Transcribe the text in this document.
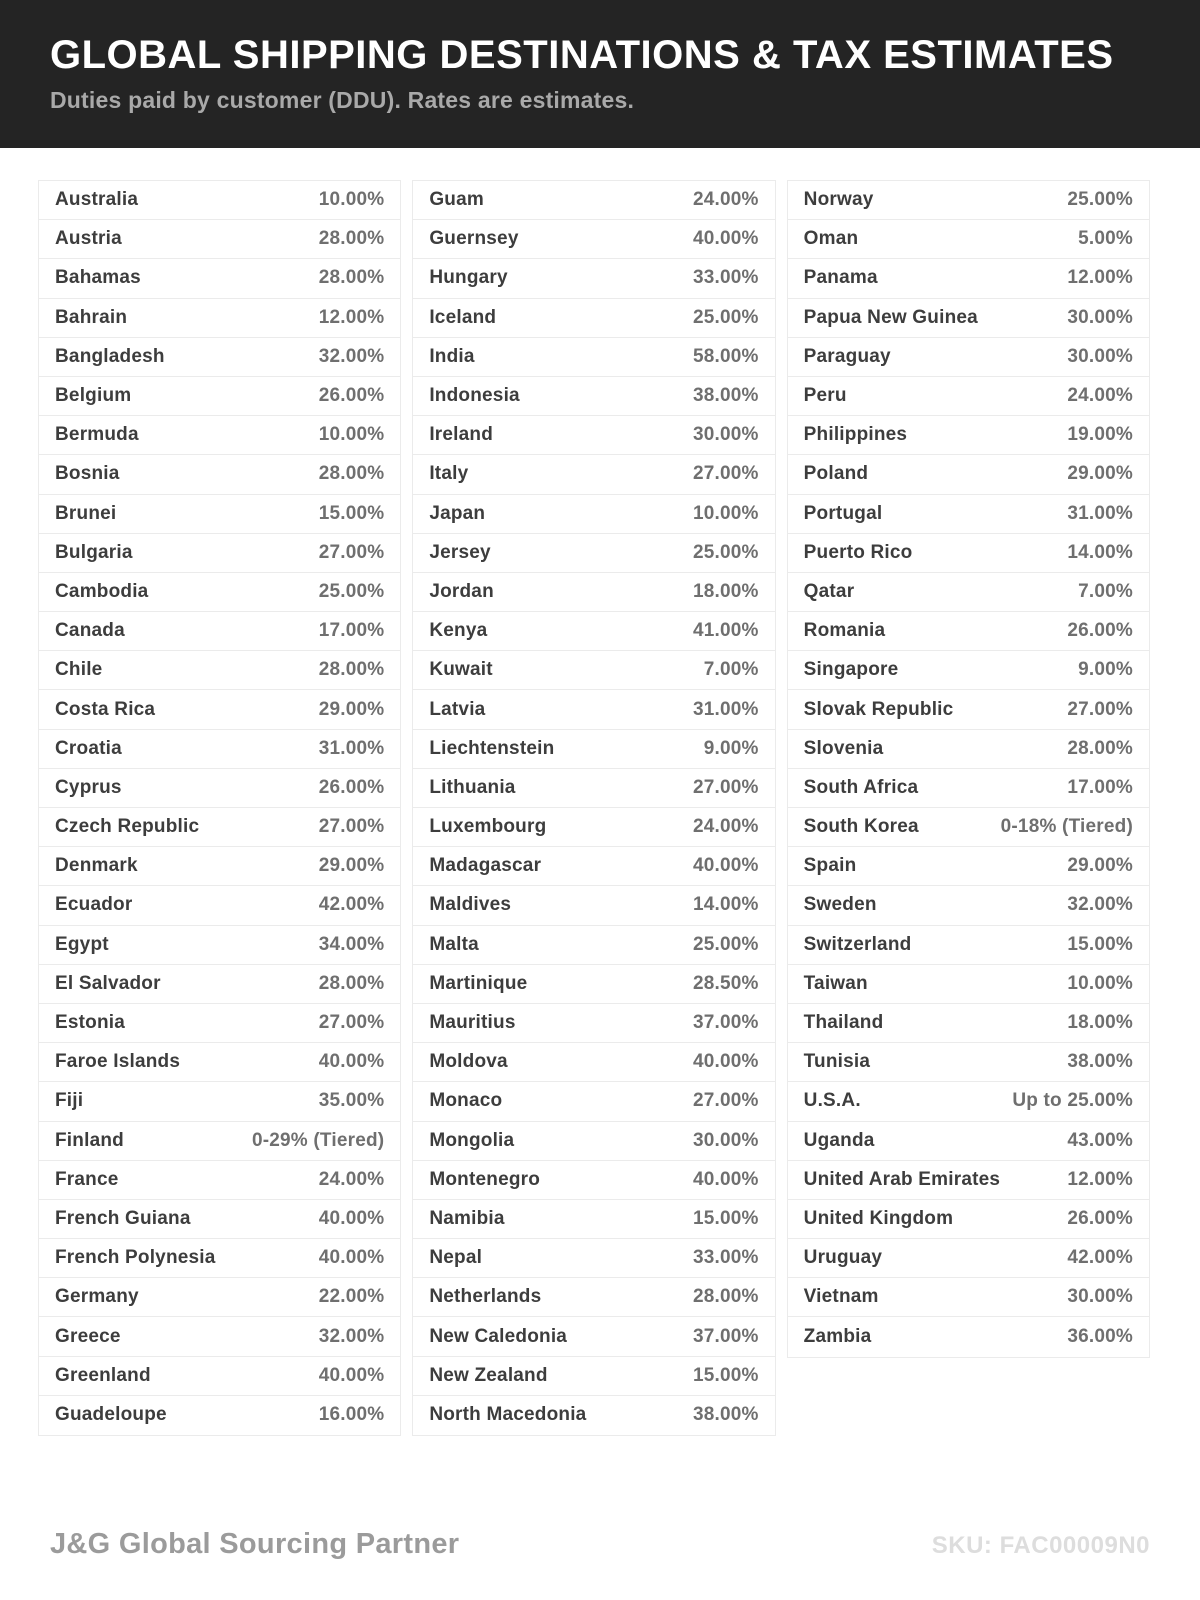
GLOBAL SHIPPING DESTINATIONS & TAX ESTIMATES
Duties paid by customer (DDU). Rates are estimates.
Australia	10.00%
Austria	28.00%
Bahamas	28.00%
Bahrain	12.00%
Bangladesh	32.00%
Belgium	26.00%
Bermuda	10.00%
Bosnia	28.00%
Brunei	15.00%
Bulgaria	27.00%
Cambodia	25.00%
Canada	17.00%
Chile	28.00%
Costa Rica	29.00%
Croatia	31.00%
Cyprus	26.00%
Czech Republic	27.00%
Denmark	29.00%
Ecuador	42.00%
Egypt	34.00%
El Salvador	28.00%
Estonia	27.00%
Faroe Islands	40.00%
Fiji	35.00%
Finland	0-29% (Tiered)
France	24.00%
French Guiana	40.00%
French Polynesia	40.00%
Germany	22.00%
Greece	32.00%
Greenland	40.00%
Guadeloupe	16.00%
Guam	24.00%
Guernsey	40.00%
Hungary	33.00%
Iceland	25.00%
India	58.00%
Indonesia	38.00%
Ireland	30.00%
Italy	27.00%
Japan	10.00%
Jersey	25.00%
Jordan	18.00%
Kenya	41.00%
Kuwait	7.00%
Latvia	31.00%
Liechtenstein	9.00%
Lithuania	27.00%
Luxembourg	24.00%
Madagascar	40.00%
Maldives	14.00%
Malta	25.00%
Martinique	28.50%
Mauritius	37.00%
Moldova	40.00%
Monaco	27.00%
Mongolia	30.00%
Montenegro	40.00%
Namibia	15.00%
Nepal	33.00%
Netherlands	28.00%
New Caledonia	37.00%
New Zealand	15.00%
North Macedonia	38.00%
Norway	25.00%
Oman	5.00%
Panama	12.00%
Papua New Guinea	30.00%
Paraguay	30.00%
Peru	24.00%
Philippines	19.00%
Poland	29.00%
Portugal	31.00%
Puerto Rico	14.00%
Qatar	7.00%
Romania	26.00%
Singapore	9.00%
Slovak Republic	27.00%
Slovenia	28.00%
South Africa	17.00%
South Korea	0-18% (Tiered)
Spain	29.00%
Sweden	32.00%
Switzerland	15.00%
Taiwan	10.00%
Thailand	18.00%
Tunisia	38.00%
U.S.A.	Up to 25.00%
Uganda	43.00%
United Arab Emirates	12.00%
United Kingdom	26.00%
Uruguay	42.00%
Vietnam	30.00%
Zambia	36.00%
J&G Global Sourcing Partner	SKU: FAC00009N0
